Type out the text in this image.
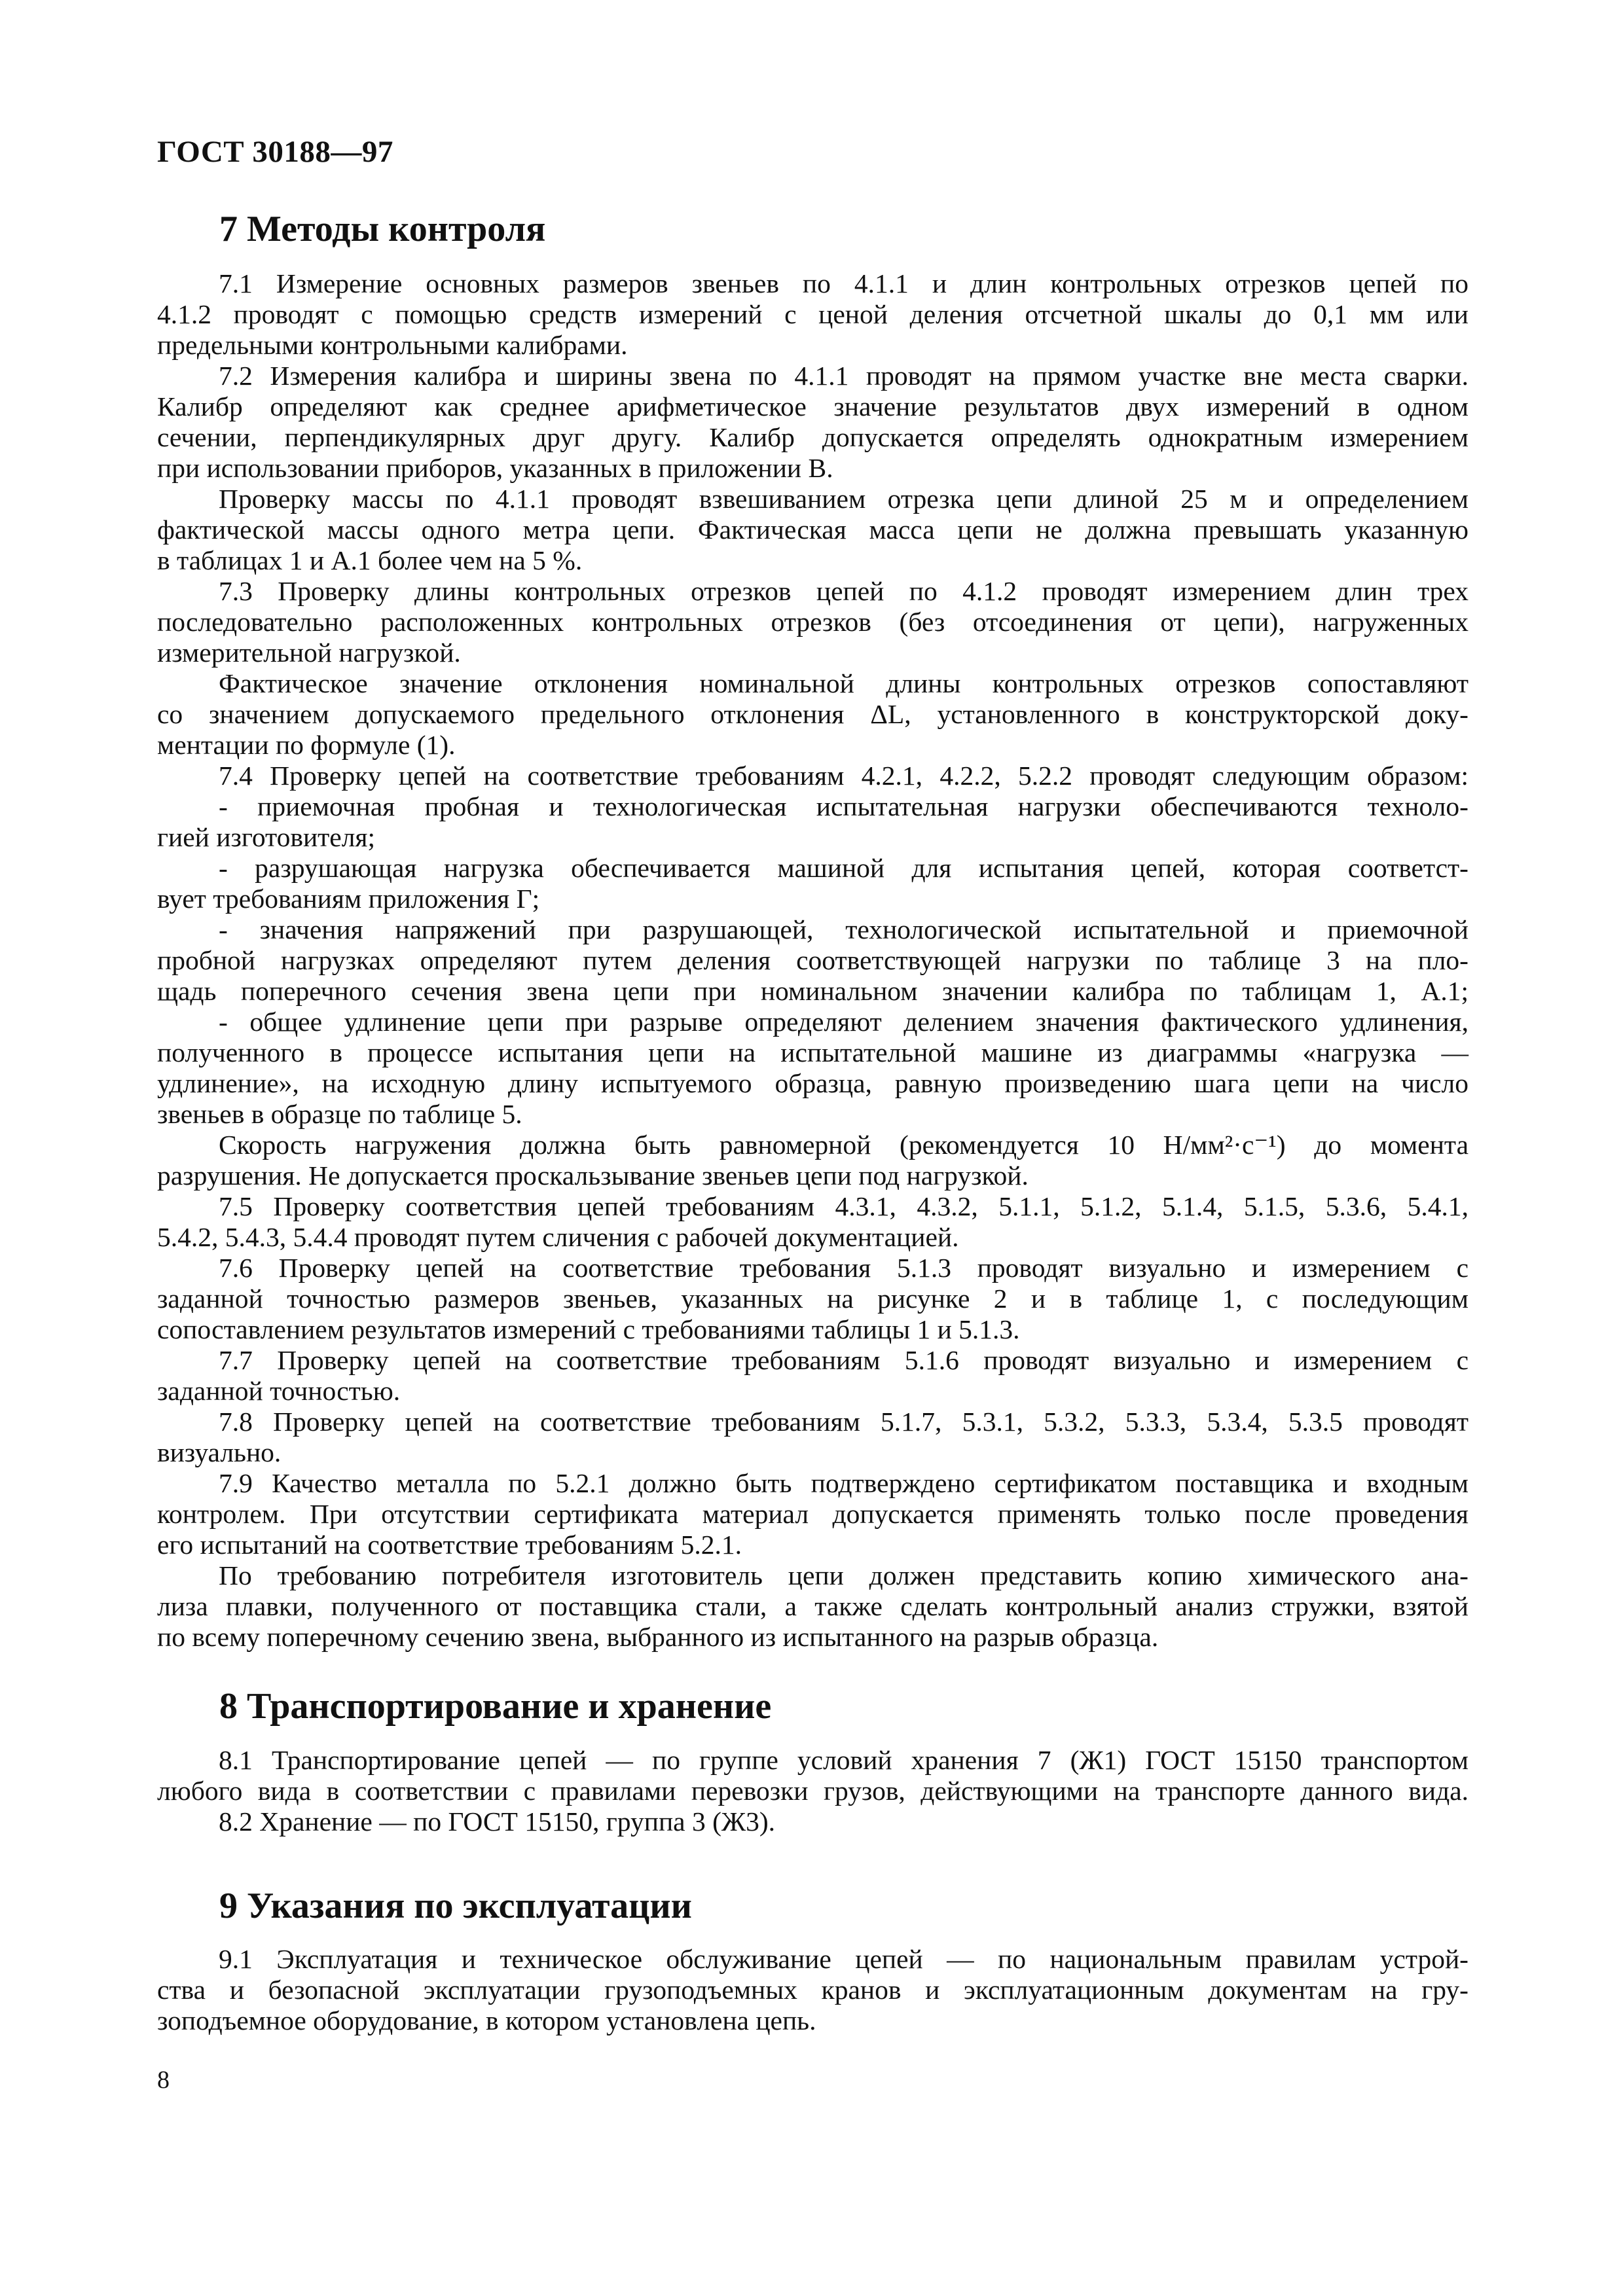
ГОСТ 30188—97
7 Методы контроля
7.1 Измерение основных размеров звеньев по 4.1.1 и длин контрольных отрезков цепей по
4.1.2 проводят с помощью средств измерений с ценой деления отсчетной шкалы до 0,1 мм или
предельными контрольными калибрами.
7.2 Измерения калибра и ширины звена по 4.1.1 проводят на прямом участке вне места сварки.
Калибр определяют как среднее арифметическое значение результатов двух измерений в одном
сечении, перпендикулярных друг другу. Калибр допускается определять однократным измерением
при использовании приборов, указанных в приложении В.
Проверку массы по 4.1.1 проводят взвешиванием отрезка цепи длиной 25 м и определением
фактической массы одного метра цепи. Фактическая масса цепи не должна превышать указанную
в таблицах 1 и А.1 более чем на 5 %.
7.3 Проверку длины контрольных отрезков цепей по 4.1.2 проводят измерением длин трех
последовательно расположенных контрольных отрезков (без отсоединения от цепи), нагруженных
измерительной нагрузкой.
Фактическое значение отклонения номинальной длины контрольных отрезков сопоставляют
со значением допускаемого предельного отклонения ΔL, установленного в конструкторской доку-
ментации по формуле (1).
7.4 Проверку цепей на соответствие требованиям 4.2.1, 4.2.2, 5.2.2 проводят следующим образом:
- приемочная пробная и технологическая испытательная нагрузки обеспечиваются техноло-
гией изготовителя;
- разрушающая нагрузка обеспечивается машиной для испытания цепей, которая соответст-
вует требованиям приложения Г;
- значения напряжений при разрушающей, технологической испытательной и приемочной
пробной нагрузках определяют путем деления соответствующей нагрузки по таблице 3 на пло-
щадь поперечного сечения звена цепи при номинальном значении калибра по таблицам 1, А.1;
- общее удлинение цепи при разрыве определяют делением значения фактического удлинения,
полученного в процессе испытания цепи на испытательной машине из диаграммы «нагрузка —
удлинение», на исходную длину испытуемого образца, равную произведению шага цепи на число
звеньев в образце по таблице 5.
Скорость нагружения должна быть равномерной (рекомендуется 10 Н/мм²·с⁻¹) до момента
разрушения. Не допускается проскальзывание звеньев цепи под нагрузкой.
7.5 Проверку соответствия цепей требованиям 4.3.1, 4.3.2, 5.1.1, 5.1.2, 5.1.4, 5.1.5, 5.3.6, 5.4.1,
5.4.2, 5.4.3, 5.4.4 проводят путем сличения с рабочей документацией.
7.6 Проверку цепей на соответствие требования 5.1.3 проводят визуально и измерением с
заданной точностью размеров звеньев, указанных на рисунке 2 и в таблице 1, с последующим
сопоставлением результатов измерений с требованиями таблицы 1 и 5.1.3.
7.7 Проверку цепей на соответствие требованиям 5.1.6 проводят визуально и измерением с
заданной точностью.
7.8 Проверку цепей на соответствие требованиям 5.1.7, 5.3.1, 5.3.2, 5.3.3, 5.3.4, 5.3.5 проводят
визуально.
7.9 Качество металла по 5.2.1 должно быть подтверждено сертификатом поставщика и входным
контролем. При отсутствии сертификата материал допускается применять только после проведения
его испытаний на соответствие требованиям 5.2.1.
По требованию потребителя изготовитель цепи должен представить копию химического ана-
лиза плавки, полученного от поставщика стали, а также сделать контрольный анализ стружки, взятой
по всему поперечному сечению звена, выбранного из испытанного на разрыв образца.
8 Транспортирование и хранение
8.1 Транспортирование цепей — по группе условий хранения 7 (Ж1) ГОСТ 15150 транспортом
любого вида в соответствии с правилами перевозки грузов, действующими на транспорте данного вида.
8.2 Хранение — по ГОСТ 15150, группа 3 (Ж3).
9 Указания по эксплуатации
9.1 Эксплуатация и техническое обслуживание цепей — по национальным правилам устрой-
ства и безопасной эксплуатации грузоподъемных кранов и эксплуатационным документам на гру-
зоподъемное оборудование, в котором установлена цепь.
8
